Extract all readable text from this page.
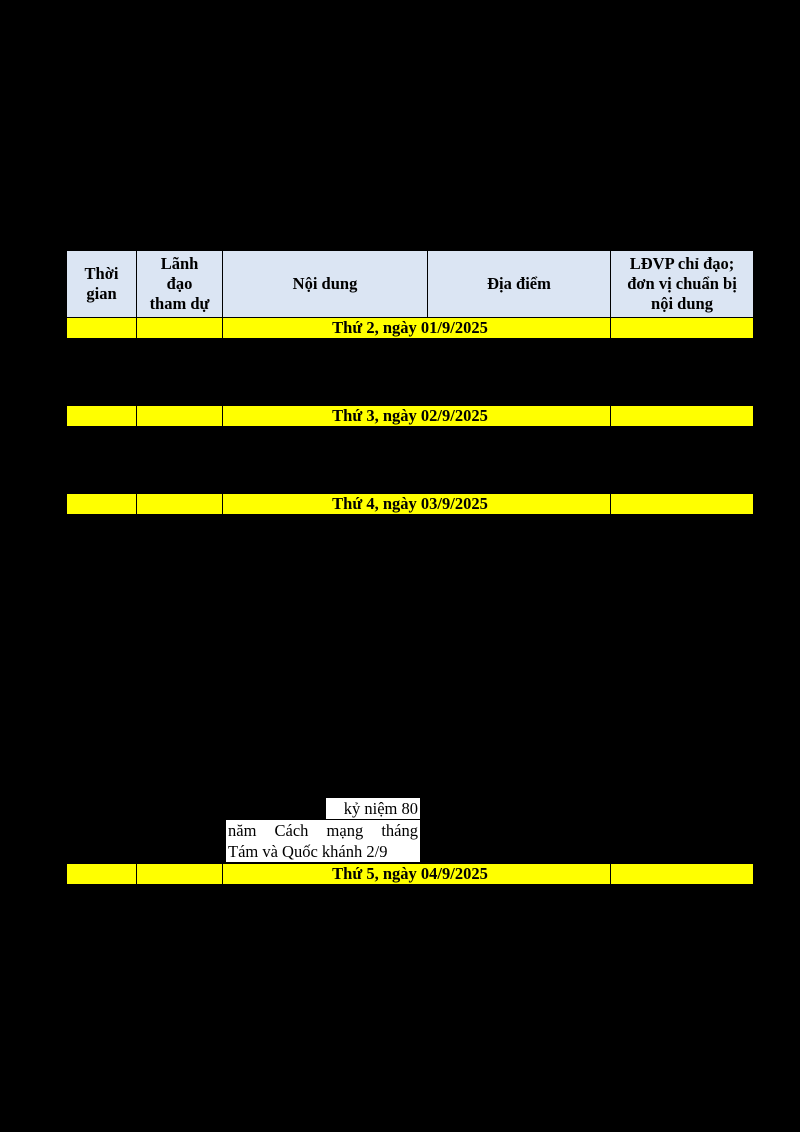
Thời
gian
Lãnh
đạo
tham dự
Nội dung	Địa điểm
LĐVP chỉ đạo;
đơn vị chuẩn bị
nội dung
Thứ 2, ngày 01/9/2025
Thứ 3, ngày 02/9/2025
Thứ 4, ngày 03/9/2025
kỷ niệm 80
năm Cách mạng tháng
Tám và Quốc khánh 2/9
Thứ 5, ngày 04/9/2025
